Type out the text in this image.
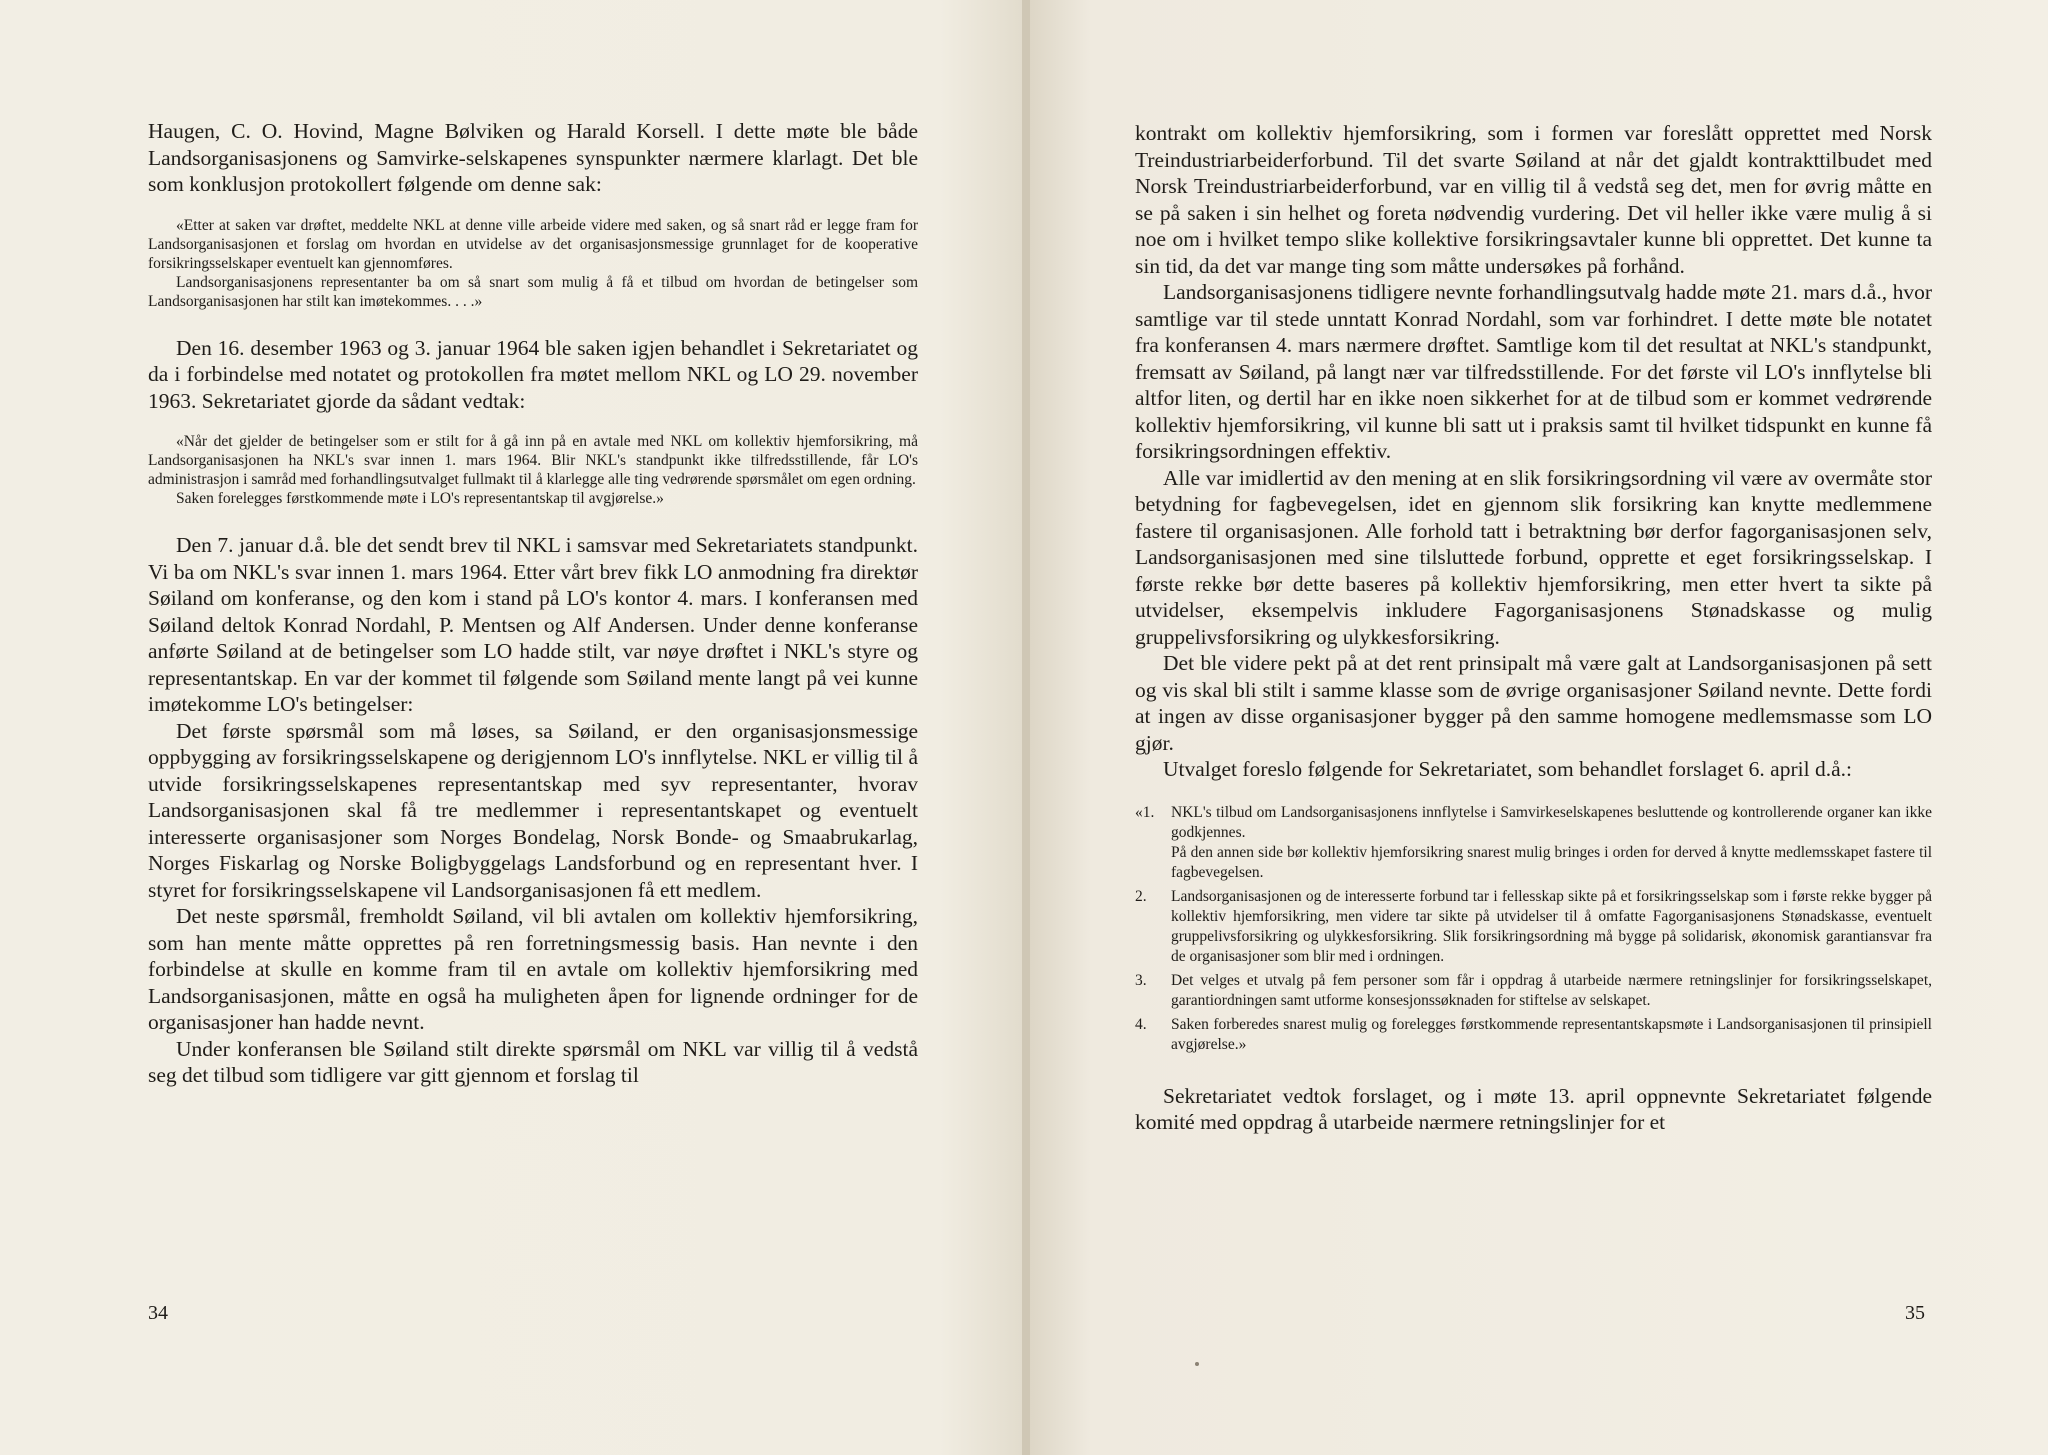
Haugen, C. O. Hovind, Magne Bølviken og Harald Korsell. I dette møte ble både Landsorganisasjonens og Samvirke-selskapenes synspunkter nærmere klarlagt. Det ble som konklusjon protokollert følgende om denne sak:

«Etter at saken var drøftet, meddelte NKL at denne ville arbeide videre med saken, og så snart råd er legge fram for Landsorganisasjonen et forslag om hvordan en utvidelse av det organisasjonsmessige grunnlaget for de kooperative forsikringsselskaper eventuelt kan gjennomføres.

Landsorganisasjonens representanter ba om så snart som mulig å få et tilbud om hvordan de betingelser som Landsorganisasjonen har stilt kan imøtekommes. . . .»

Den 16. desember 1963 og 3. januar 1964 ble saken igjen behandlet i Sekretariatet og da i forbindelse med notatet og protokollen fra møtet mellom NKL og LO 29. november 1963. Sekretariatet gjorde da sådant vedtak:

«Når det gjelder de betingelser som er stilt for å gå inn på en avtale med NKL om kollektiv hjemforsikring, må Landsorganisasjonen ha NKL's svar innen 1. mars 1964. Blir NKL's standpunkt ikke tilfredsstillende, får LO's administrasjon i samråd med forhandlingsutvalget fullmakt til å klarlegge alle ting vedrørende spørsmålet om egen ordning.

Saken forelegges førstkommende møte i LO's representantskap til avgjørelse.»

Den 7. januar d.å. ble det sendt brev til NKL i samsvar med Sekretariatets standpunkt. Vi ba om NKL's svar innen 1. mars 1964. Etter vårt brev fikk LO anmodning fra direktør Søiland om konferanse, og den kom i stand på LO's kontor 4. mars. I konferansen med Søiland deltok Konrad Nordahl, P. Mentsen og Alf Andersen. Under denne konferanse anførte Søiland at de betingelser som LO hadde stilt, var nøye drøftet i NKL's styre og representantskap. En var der kommet til følgende som Søiland mente langt på vei kunne imøtekomme LO's betingelser:

Det første spørsmål som må løses, sa Søiland, er den organisasjonsmessige oppbygging av forsikringsselskapene og derigjennom LO's innflytelse. NKL er villig til å utvide forsikringsselskapenes representantskap med syv representanter, hvorav Landsorganisasjonen skal få tre medlemmer i representantskapet og eventuelt interesserte organisasjoner som Norges Bondelag, Norsk Bonde- og Smaabrukarlag, Norges Fiskarlag og Norske Boligbyggelags Landsforbund og en representant hver. I styret for forsikringsselskapene vil Landsorganisasjonen få ett medlem.

Det neste spørsmål, fremholdt Søiland, vil bli avtalen om kollektiv hjemforsikring, som han mente måtte opprettes på ren forretningsmessig basis. Han nevnte i den forbindelse at skulle en komme fram til en avtale om kollektiv hjemforsikring med Landsorganisasjonen, måtte en også ha muligheten åpen for lignende ordninger for de organisasjoner han hadde nevnt.

Under konferansen ble Søiland stilt direkte spørsmål om NKL var villig til å vedstå seg det tilbud som tidligere var gitt gjennom et forslag til

34

kontrakt om kollektiv hjemforsikring, som i formen var foreslått opprettet med Norsk Treindustriarbeiderforbund. Til det svarte Søiland at når det gjaldt kontrakttilbudet med Norsk Treindustriarbeiderforbund, var en villig til å vedstå seg det, men for øvrig måtte en se på saken i sin helhet og foreta nødvendig vurdering. Det vil heller ikke være mulig å si noe om i hvilket tempo slike kollektive forsikringsavtaler kunne bli opprettet. Det kunne ta sin tid, da det var mange ting som måtte undersøkes på forhånd.

Landsorganisasjonens tidligere nevnte forhandlingsutvalg hadde møte 21. mars d.å., hvor samtlige var til stede unntatt Konrad Nordahl, som var forhindret. I dette møte ble notatet fra konferansen 4. mars nærmere drøftet. Samtlige kom til det resultat at NKL's standpunkt, fremsatt av Søiland, på langt nær var tilfredsstillende. For det første vil LO's innflytelse bli altfor liten, og dertil har en ikke noen sikkerhet for at de tilbud som er kommet vedrørende kollektiv hjemforsikring, vil kunne bli satt ut i praksis samt til hvilket tidspunkt en kunne få forsikringsordningen effektiv.

Alle var imidlertid av den mening at en slik forsikringsordning vil være av overmåte stor betydning for fagbevegelsen, idet en gjennom slik forsikring kan knytte medlemmene fastere til organisasjonen. Alle forhold tatt i betraktning bør derfor fagorganisasjonen selv, Landsorganisasjonen med sine tilsluttede forbund, opprette et eget forsikringsselskap. I første rekke bør dette baseres på kollektiv hjemforsikring, men etter hvert ta sikte på utvidelser, eksempelvis inkludere Fagorganisasjonens Stønadskasse og mulig gruppelivsforsikring og ulykkesforsikring.

Det ble videre pekt på at det rent prinsipalt må være galt at Landsorganisasjonen på sett og vis skal bli stilt i samme klasse som de øvrige organisasjoner Søiland nevnte. Dette fordi at ingen av disse organisasjoner bygger på den samme homogene medlemsmasse som LO gjør.

Utvalget foreslo følgende for Sekretariatet, som behandlet forslaget 6. april d.å.:

«1.	NKL's tilbud om Landsorganisasjonens innflytelse i Samvirkeselskapenes besluttende og kontrollerende organer kan ikke godkjennes.

På den annen side bør kollektiv hjemforsikring snarest mulig bringes i orden for derved å knytte medlemsskapet fastere til fagbevegelsen.

2.	Landsorganisasjonen og de interesserte forbund tar i fellesskap sikte på et forsikringsselskap som i første rekke bygger på kollektiv hjemforsikring, men videre tar sikte på utvidelser til å omfatte Fagorganisasjonens Stønadskasse, eventuelt gruppelivsforsikring og ulykkesforsikring. Slik forsikringsordning må bygge på solidarisk, økonomisk garantiansvar fra de organisasjoner som blir med i ordningen.

3.	Det velges et utvalg på fem personer som får i oppdrag å utarbeide nærmere retningslinjer for forsikringsselskapet, garantiordningen samt utforme konsesjonssøknaden for stiftelse av selskapet.

4.	Saken forberedes snarest mulig og forelegges førstkommende representantskapsmøte i Landsorganisasjonen til prinsipiell avgjørelse.»

Sekretariatet vedtok forslaget, og i møte 13. april oppnevnte Sekretariatet følgende komité med oppdrag å utarbeide nærmere retningslinjer for et

35
